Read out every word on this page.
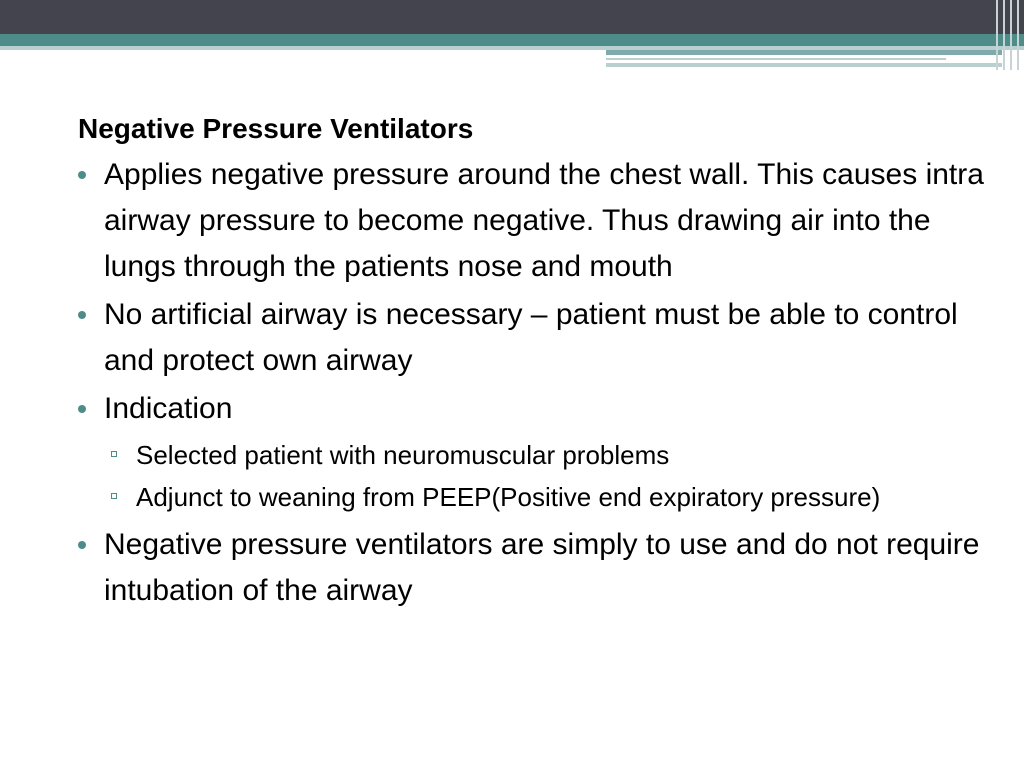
Negative Pressure Ventilators
Applies negative pressure around the chest wall. This causes intra airway pressure to become negative. Thus drawing air into the lungs through the patients nose and mouth
No artificial airway is necessary – patient must be able to control and protect own airway
Indication
Selected patient with neuromuscular problems
Adjunct to weaning from PEEP(Positive end expiratory pressure)
Negative pressure ventilators are simply to use and do not require intubation of the airway
